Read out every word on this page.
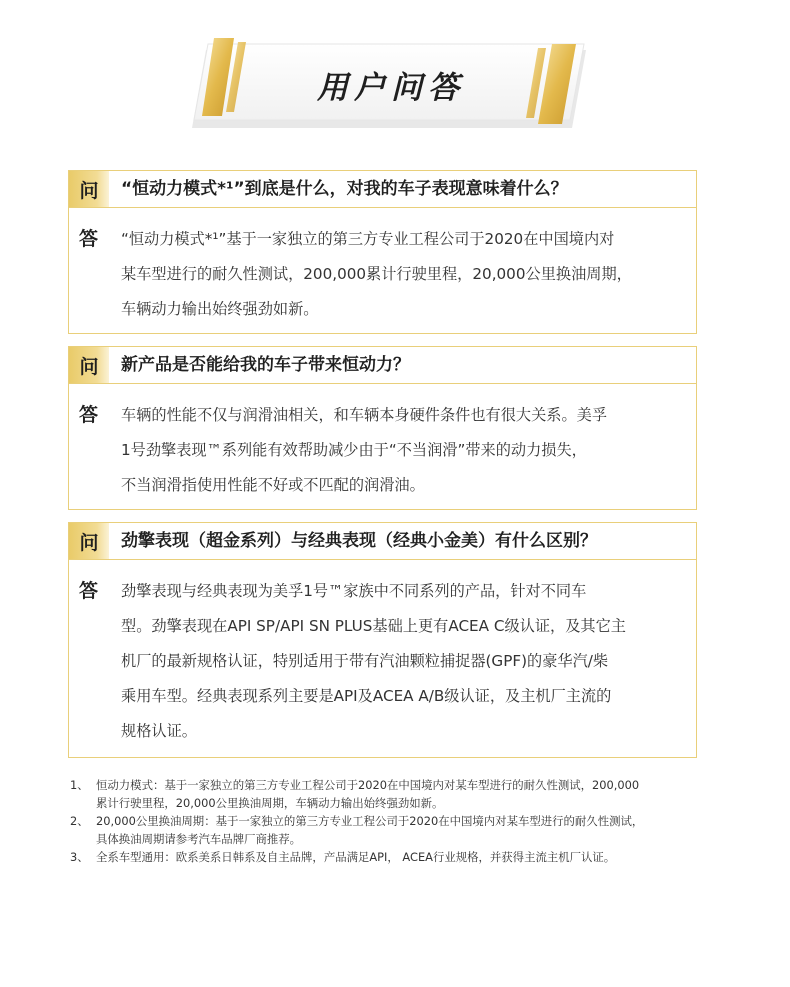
用户问答
问	“恒动力模式*¹”到底是什么，对我的车子表现意味着什么？
答 “恒动力模式*¹”基于一家独立的第三方专业工程公司于2020在中国境内对
某车型进行的耐久性测试，200,000累计行驶里程，20,000公里换油周期，
车辆动力输出始终强劲如新。
问	新产品是否能给我的车子带来恒动力？
答 车辆的性能不仅与润滑油相关，和车辆本身硬件条件也有很大关系。美孚
1号劲擎表现™系列能有效帮助减少由于“不当润滑”带来的动力损失，
不当润滑指使用性能不好或不匹配的润滑油。
问	劲擎表现（超金系列）与经典表现（经典小金美）有什么区别？
答 劲擎表现与经典表现为美孚1号™家族中不同系列的产品，针对不同车
型。劲擎表现在API SP/API SN PLUS基础上更有ACEA C级认证，及其它主
机厂的最新规格认证，特别适用于带有汽油颗粒捕捉器(GPF)的豪华汽/柴
乘用车型。经典表现系列主要是API及ACEA A/B级认证，及主机厂主流的
规格认证。
1、 恒动力模式：基于一家独立的第三方专业工程公司于2020在中国境内对某车型进行的耐久性测试，200,000
累计行驶里程，20,000公里换油周期，车辆动力输出始终强劲如新。
2、 20,000公里换油周期：基于一家独立的第三方专业工程公司于2020在中国境内对某车型进行的耐久性测试，
具体换油周期请参考汽车品牌厂商推荐。
3、 全系车型通用：欧系美系日韩系及自主品牌，产品满足API， ACEA行业规格，并获得主流主机厂认证。
